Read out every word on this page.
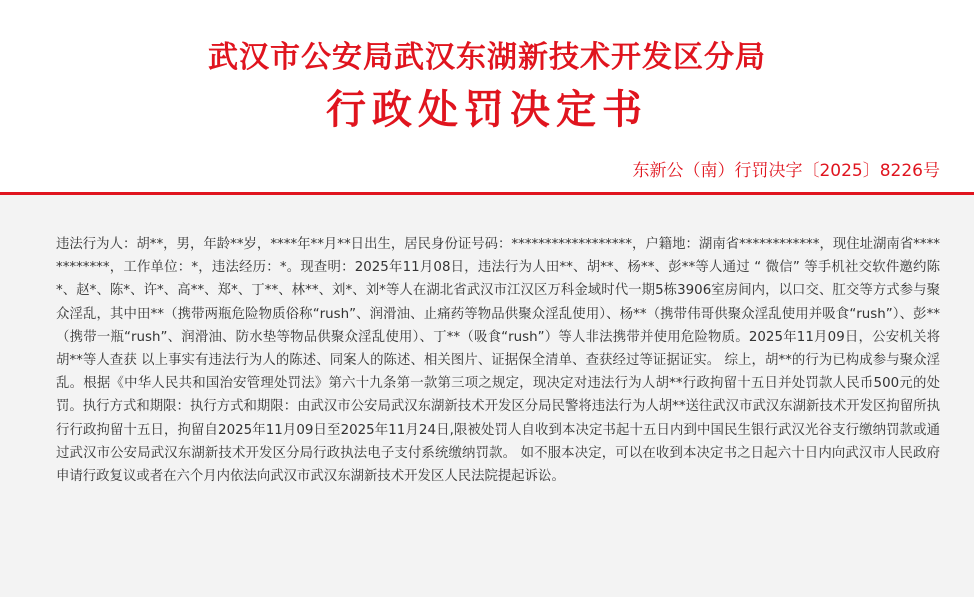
武汉市公安局武汉东湖新技术开发区分局
行政处罚决定书
东新公（南）行罚决字〔2025〕8226号

违法行为人：胡**，男，年龄**岁，****年**月**日出生，居民身份证号码：******************，户籍地：湖南省************，现住址湖南省************，工作单位：*，违法经历：*。现查明：2025年11月08日，违法行为人田**、胡**、杨**、彭**等人通过 “ 微信” 等手机社交软件邀约陈*、赵*、陈*、许*、高**、郑*、丁**、林**、刘*、刘*等人在湖北省武汉市江汉区万科金域时代一期5栋3906室房间内，以口交、肛交等方式参与聚众淫乱，其中田**（携带两瓶危险物质俗称“rush”、润滑油、止痛药等物品供聚众淫乱使用）、杨**（携带伟哥供聚众淫乱使用并吸食“rush”）、彭**（携带一瓶“rush”、润滑油、防水垫等物品供聚众淫乱使用）、丁**（吸食“rush”）等人非法携带并使用危险物质。2025年11月09日，公安机关将胡**等人查获 以上事实有违法行为人的陈述、同案人的陈述、相关图片、证据保全清单、查获经过等证据证实。 综上，胡**的行为已构成参与聚众淫乱。根据《中华人民共和国治安管理处罚法》第六十九条第一款第三项之规定，现决定对违法行为人胡**行政拘留十五日并处罚款人民币500元的处罚。执行方式和期限：执行方式和期限：由武汉市公安局武汉东湖新技术开发区分局民警将违法行为人胡**送往武汉市武汉东湖新技术开发区拘留所执行行政拘留十五日，拘留自2025年11月09日至2025年11月24日,限被处罚人自收到本决定书起十五日内到中国民生银行武汉光谷支行缴纳罚款或通过武汉市公安局武汉东湖新技术开发区分局行政执法电子支付系统缴纳罚款。 如不服本决定，可以在收到本决定书之日起六十日内向武汉市人民政府申请行政复议或者在六个月内依法向武汉市武汉东湖新技术开发区人民法院提起诉讼。
